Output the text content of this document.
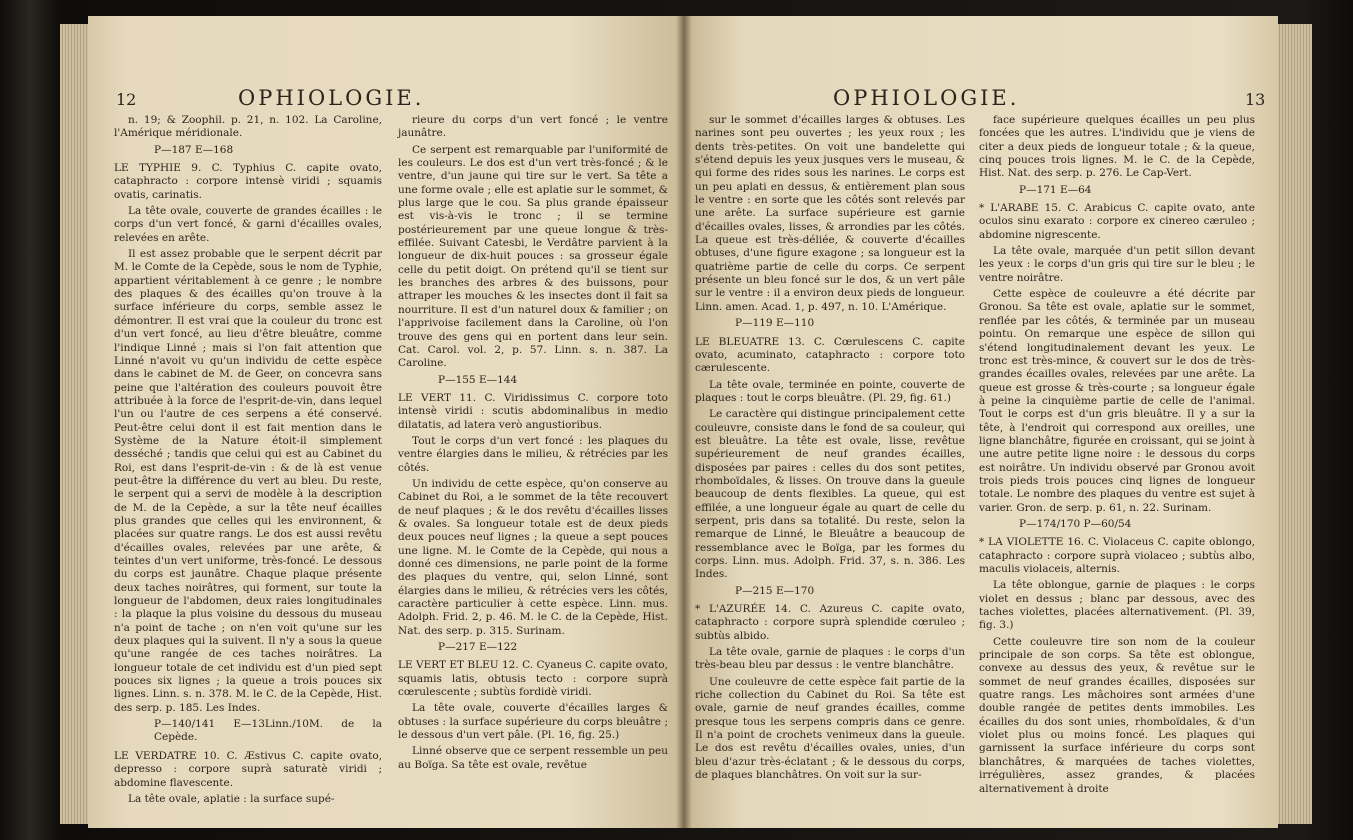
12	OPHIOLOGIE.

n. 19; & Zoophil. p. 21, n. 102. La Caroline, l'Amérique méridionale.

P—187 E—168

LE TYPHIE 9. C. Typhius C. capite ovato, cataphracto : corpore intensè viridi ; squamis ovatis, carinatis.

La tête ovale, couverte de grandes écailles : le corps d'un vert foncé, & garni d'écailles ovales, relevées en arête.

Il est assez probable que le serpent décrit par M. le Comte de la Cepède, sous le nom de Typhie, appartient véritablement à ce genre ; le nombre des plaques & des écailles qu'on trouve à la surface inférieure du corps, semble assez le démontrer. Il est vrai que la couleur du tronc est d'un vert foncé, au lieu d'être bleuâtre, comme l'indique Linné ; mais si l'on fait attention que Linné n'avoit vu qu'un individu de cette espèce dans le cabinet de M. de Geer, on concevra sans peine que l'altération des couleurs pouvoit être attribuée à la force de l'esprit-de-vin, dans lequel l'un ou l'autre de ces serpens a été conservé. Peut-être celui dont il est fait mention dans le Système de la Nature étoit-il simplement desséché ; tandis que celui qui est au Cabinet du Roi, est dans l'esprit-de-vin : & de là est venue peut-être la différence du vert au bleu. Du reste, le serpent qui a servi de modèle à la description de M. de la Cepède, a sur la tête neuf écailles plus grandes que celles qui les environnent, & placées sur quatre rangs. Le dos est aussi revêtu d'écailles ovales, relevées par une arête, & teintes d'un vert uniforme, très-foncé. Le dessous du corps est jaunâtre. Chaque plaque présente deux taches noirâtres, qui forment, sur toute la longueur de l'abdomen, deux raies longitudinales : la plaque la plus voisine du dessous du museau n'a point de tache ; on n'en voit qu'une sur les deux plaques qui la suivent. Il n'y a sous la queue qu'une rangée de ces taches noirâtres. La longueur totale de cet individu est d'un pied sept pouces six lignes ; la queue a trois pouces six lignes. Linn. s. n. 378. M. le C. de la Cepède, Hist. des serp. p. 185. Les Indes.

P—140/141 E—13Linn./10M. de la Cepède.

LE VERDATRE 10. C. Æstivus C. capite ovato, depresso : corpore suprà saturatè viridi ; abdomine flavescente.

La tête ovale, aplatie : la surface supé-

rieure du corps d'un vert foncé ; le ventre jaunâtre.

Ce serpent est remarquable par l'uniformité de les couleurs. Le dos est d'un vert très-foncé ; & le ventre, d'un jaune qui tire sur le vert. Sa tête a une forme ovale ; elle est aplatie sur le sommet, & plus large que le cou. Sa plus grande épaisseur est vis-à-vis le tronc ; il se termine postérieurement par une queue longue & très-effilée. Suivant Catesbi, le Verdâtre parvient à la longueur de dix-huit pouces : sa grosseur égale celle du petit doigt. On prétend qu'il se tient sur les branches des arbres & des buissons, pour attraper les mouches & les insectes dont il fait sa nourriture. Il est d'un naturel doux & familier ; on l'apprivoise facilement dans la Caroline, où l'on trouve des gens qui en portent dans leur sein. Cat. Carol. vol. 2, p. 57. Linn. s. n. 387. La Caroline.

P—155 E—144

LE VERT 11. C. Viridissimus C. corpore toto intensè viridi : scutis abdominalibus in medio dilatatis, ad latera verò angustioribus.

Tout le corps d'un vert foncé : les plaques du ventre élargies dans le milieu, & rétrécies par les côtés.

Un individu de cette espèce, qu'on conserve au Cabinet du Roi, a le sommet de la tête recouvert de neuf plaques ; & le dos revêtu d'écailles lisses & ovales. Sa longueur totale est de deux pieds deux pouces neuf lignes ; la queue a sept pouces une ligne. M. le Comte de la Cepède, qui nous a donné ces dimensions, ne parle point de la forme des plaques du ventre, qui, selon Linné, sont élargies dans le milieu, & rétrécies vers les côtés, caractère particulier à cette espèce. Linn. mus. Adolph. Frid. 2, p. 46. M. le C. de la Cepède, Hist. Nat. des serp. p. 315. Surinam.

P—217 E—122

LE VERT ET BLEU 12. C. Cyaneus C. capite ovato, squamis latis, obtusis tecto : corpore suprà cœrulescente ; subtùs fordidè viridi.

La tête ovale, couverte d'écailles larges & obtuses : la surface supérieure du corps bleuâtre ; le dessous d'un vert pâle. (Pl. 16, fig. 25.)

Linné observe que ce serpent ressemble un peu au Boïga. Sa tête est ovale, revêtue

OPHIOLOGIE.	13

sur le sommet d'écailles larges & obtuses. Les narines sont peu ouvertes ; les yeux roux ; les dents très-petites. On voit une bandelette qui s'étend depuis les yeux jusques vers le museau, & qui forme des rides sous les narines. Le corps est un peu aplati en dessus, & entièrement plan sous le ventre : en sorte que les côtés sont relevés par une arête. La surface supérieure est garnie d'écailles ovales, lisses, & arrondies par les côtés. La queue est très-déliée, & couverte d'écailles obtuses, d'une figure exagone ; sa longueur est la quatrième partie de celle du corps. Ce serpent présente un bleu foncé sur le dos, & un vert pâle sur le ventre : il a environ deux pieds de longueur. Linn. amen. Acad. 1, p. 497, n. 10. L'Amérique.

P—119 E—110

LE BLEUATRE 13. C. Cœrulescens C. capite ovato, acuminato, cataphracto : corpore toto cærulescente.

La tête ovale, terminée en pointe, couverte de plaques : tout le corps bleuâtre. (Pl. 29, fig. 61.)

Le caractère qui distingue principalement cette couleuvre, consiste dans le fond de sa couleur, qui est bleuâtre. La tête est ovale, lisse, revêtue supérieurement de neuf grandes écailles, disposées par paires : celles du dos sont petites, rhomboïdales, & lisses. On trouve dans la gueule beaucoup de dents flexibles. La queue, qui est effilée, a une longueur égale au quart de celle du serpent, pris dans sa totalité. Du reste, selon la remarque de Linné, le Bleuâtre a beaucoup de ressemblance avec le Boïga, par les formes du corps. Linn. mus. Adolph. Frid. 37, s. n. 386. Les Indes.

P—215 E—170

* L'AZURÉE 14. C. Azureus C. capite ovato, cataphracto : corpore suprà splendide cœruleo ; subtùs albido.

La tête ovale, garnie de plaques : le corps d'un très-beau bleu par dessus : le ventre blanchâtre.

Une couleuvre de cette espèce fait partie de la riche collection du Cabinet du Roi. Sa tête est ovale, garnie de neuf grandes écailles, comme presque tous les serpens compris dans ce genre. Il n'a point de crochets venimeux dans la gueule. Le dos est revêtu d'écailles ovales, unies, d'un bleu d'azur très-éclatant ; & le dessous du corps, de plaques blanchâtres. On voit sur la sur-

face supérieure quelques écailles un peu plus foncées que les autres. L'individu que je viens de citer a deux pieds de longueur totale ; & la queue, cinq pouces trois lignes. M. le C. de la Cepède, Hist. Nat. des serp. p. 276. Le Cap-Vert.

P—171 E—64

* L'ARABE 15. C. Arabicus C. capite ovato, ante oculos sinu exarato : corpore ex cinereo cæruleo ; abdomine nigrescente.

La tête ovale, marquée d'un petit sillon devant les yeux : le corps d'un gris qui tire sur le bleu ; le ventre noirâtre.

Cette espèce de couleuvre a été décrite par Gronou. Sa tête est ovale, aplatie sur le sommet, renflée par les côtés, & terminée par un museau pointu. On remarque une espèce de sillon qui s'étend longitudinalement devant les yeux. Le tronc est très-mince, & couvert sur le dos de très-grandes écailles ovales, relevées par une arête. La queue est grosse & très-courte ; sa longueur égale à peine la cinquième partie de celle de l'animal. Tout le corps est d'un gris bleuâtre. Il y a sur la tête, à l'endroit qui correspond aux oreilles, une ligne blanchâtre, figurée en croissant, qui se joint à une autre petite ligne noire : le dessous du corps est noirâtre. Un individu observé par Gronou avoit trois pieds trois pouces cinq lignes de longueur totale. Le nombre des plaques du ventre est sujet à varier. Gron. de serp. p. 61, n. 22. Surinam.

P—174/170 P—60/54

* LA VIOLETTE 16. C. Violaceus C. capite oblongo, cataphracto : corpore suprà violaceo ; subtùs albo, maculis violaceis, alternis.

La tête oblongue, garnie de plaques : le corps violet en dessus ; blanc par dessous, avec des taches violettes, placées alternativement. (Pl. 39, fig. 3.)

Cette couleuvre tire son nom de la couleur principale de son corps. Sa tête est oblongue, convexe au dessus des yeux, & revêtue sur le sommet de neuf grandes écailles, disposées sur quatre rangs. Les mâchoires sont armées d'une double rangée de petites dents immobiles. Les écailles du dos sont unies, rhomboïdales, & d'un violet plus ou moins foncé. Les plaques qui garnissent la surface inférieure du corps sont blanchâtres, & marquées de taches violettes, irrégulières, assez grandes, & placées alternativement à droite
